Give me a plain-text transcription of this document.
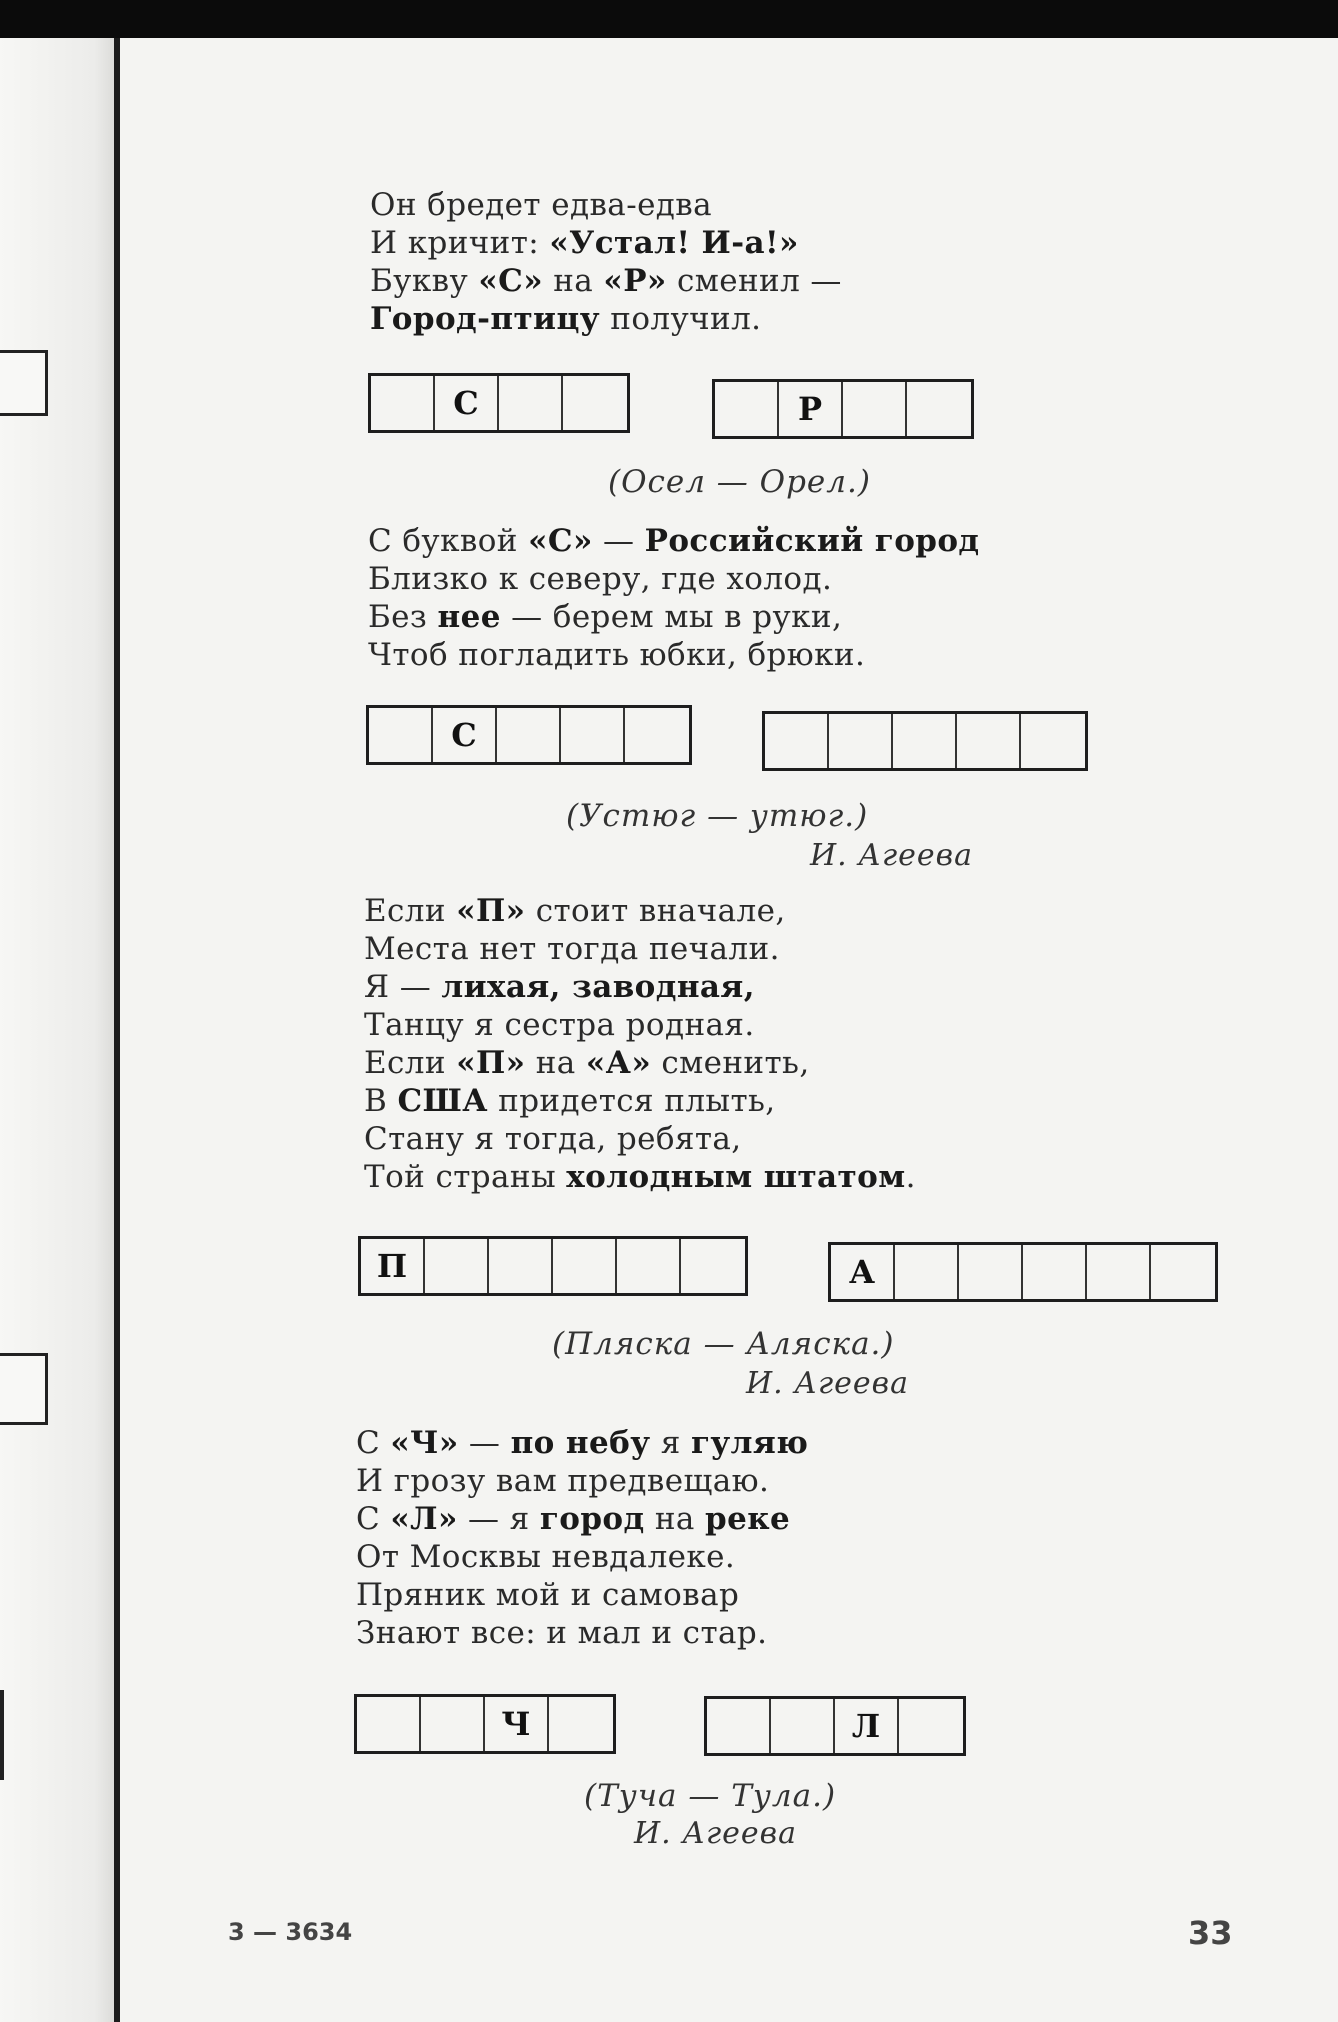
Он бредет едва-едва
И кричит: «Устал! И-а!»
Букву «С» на «Р» сменил —
Город-птицу получил.
С	Р
(Осел — Орел.)
С буквой «С» — Российский город
Близко к северу, где холод.
Без нее — берем мы в руки,
Чтоб погладить юбки, брюки.
С
(Устюг — утюг.)
И. Агеева
Если «П» стоит вначале,
Места нет тогда печали.
Я — лихая, заводная,
Танцу я сестра родная.
Если «П» на «А» сменить,
В США придется плыть,
Стану я тогда, ребята,
Той страны холодным штатом.
П	А
(Пляска — Аляска.)
И. Агеева
С «Ч» — по небу я гуляю
И грозу вам предвещаю.
С «Л» — я город на реке
От Москвы невдалеке.
Пряник мой и самовар
Знают все: и мал и стар.
Ч	Л
(Туча — Тула.)
И. Агеева
3 — 3634	33
